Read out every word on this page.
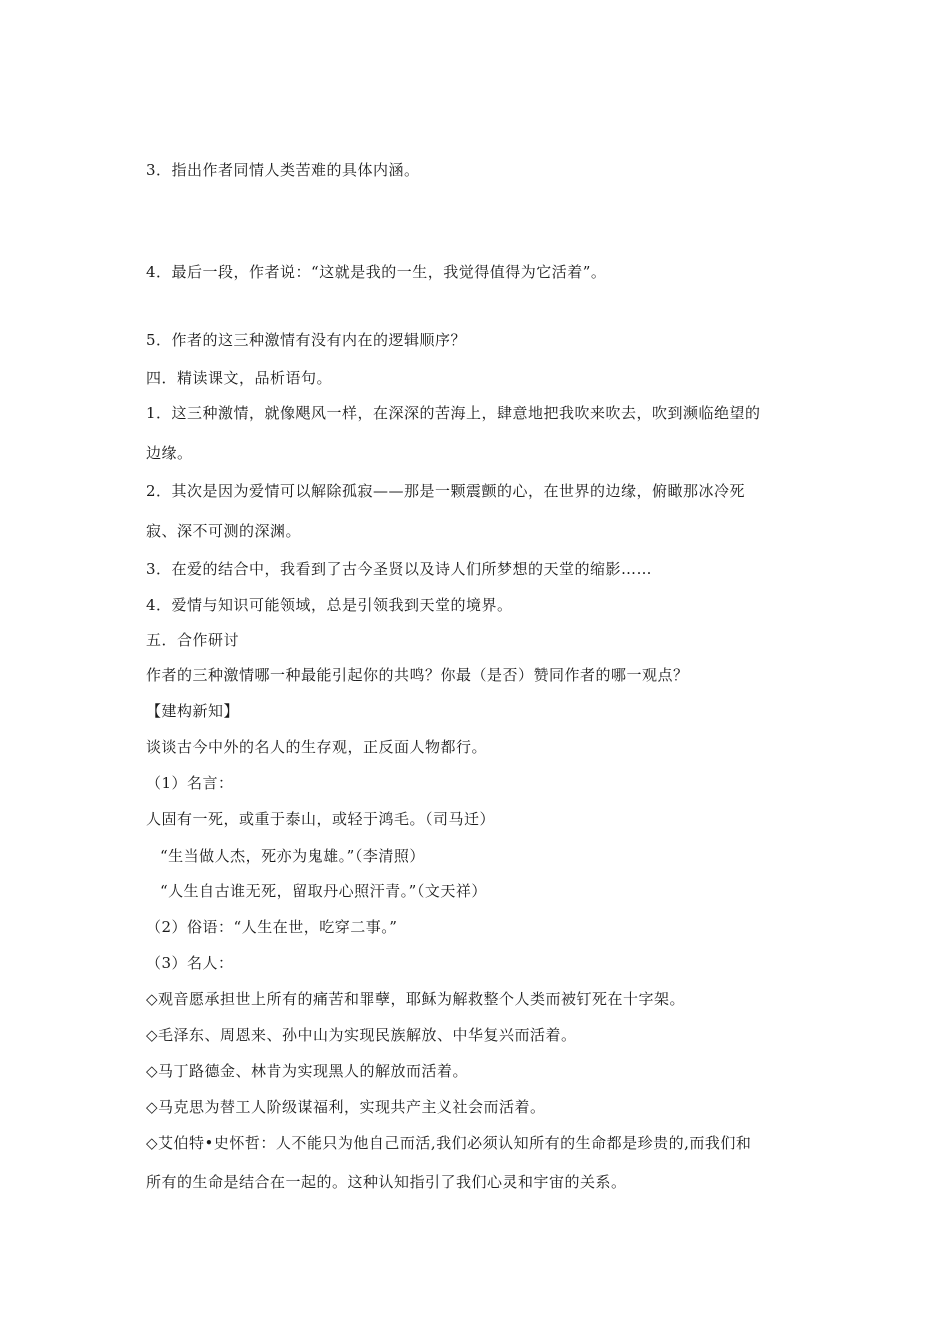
3．指出作者同情人类苦难的具体内涵。
4．最后一段，作者说：“这就是我的一生，我觉得值得为它活着”。
5．作者的这三种激情有没有内在的逻辑顺序？
四．精读课文，品析语句。
1．这三种激情，就像飓风一样，在深深的苦海上，肆意地把我吹来吹去，吹到濒临绝望的
边缘。
2．其次是因为爱情可以解除孤寂——那是一颗震颤的心，在世界的边缘，俯瞰那冰冷死
寂、深不可测的深渊。
3．在爱的结合中，我看到了古今圣贤以及诗人们所梦想的天堂的缩影……
4．爱情与知识可能领域，总是引领我到天堂的境界。
五．合作研讨
作者的三种激情哪一种最能引起你的共鸣？你最（是否）赞同作者的哪一观点？
【建构新知】
谈谈古今中外的名人的生存观，正反面人物都行。
（1）名言：
人固有一死，或重于泰山，或轻于鸿毛。（司马迁）
“生当做人杰，死亦为鬼雄。”（李清照）
“人生自古谁无死，留取丹心照汗青。”（文天祥）
（2）俗语：“人生在世，吃穿二事。”
（3）名人：
◇观音愿承担世上所有的痛苦和罪孽，耶稣为解救整个人类而被钉死在十字架。
◇毛泽东、周恩来、孙中山为实现民族解放、中华复兴而活着。
◇马丁路德金、林肯为实现黑人的解放而活着。
◇马克思为替工人阶级谋福利，实现共产主义社会而活着。
◇艾伯特•史怀哲：人不能只为他自己而活,我们必须认知所有的生命都是珍贵的,而我们和
所有的生命是结合在一起的。这种认知指引了我们心灵和宇宙的关系。
